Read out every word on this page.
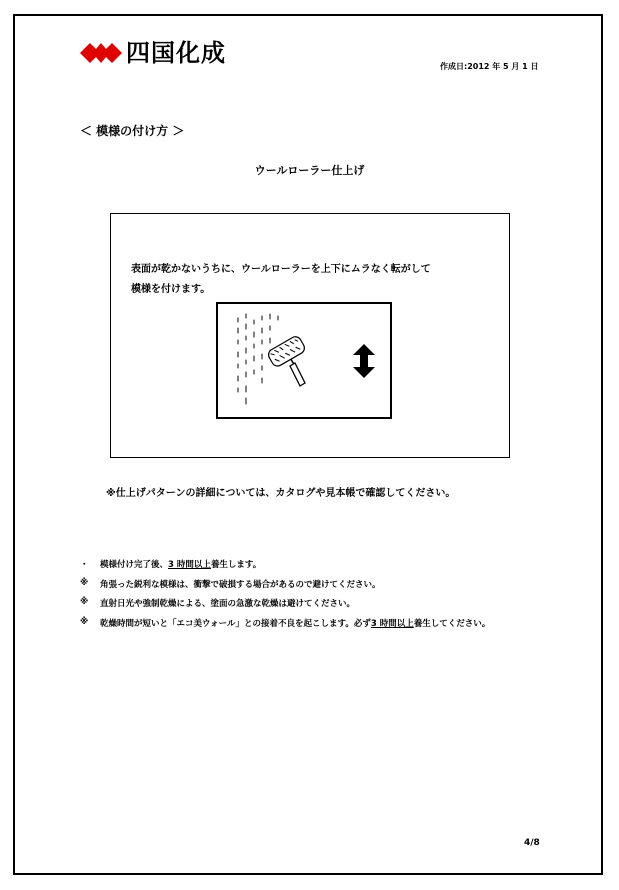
四国化成	作成日:2012 年 5 月 1 日
＜ 模様の付け方 ＞
ウールローラー仕上げ
表面が乾かないうちに、ウールローラーを上下にムラなく転がして
模様を付けます。
※仕上げパターンの詳細については、カタログや見本帳で確認してください。
・	模様付け完了後、 3 時間以上 養生します。
※	角張った鋭利な模様は、衝撃で破損する場合があるので避けてください。
※	直射日光や強制乾燥による、塗面の急激な乾燥は避けてください。
※	乾燥時間が短いと「エコ美ウォール」との接着不良を起こします。必ず 3 時間以上 養生してください。
4/8
